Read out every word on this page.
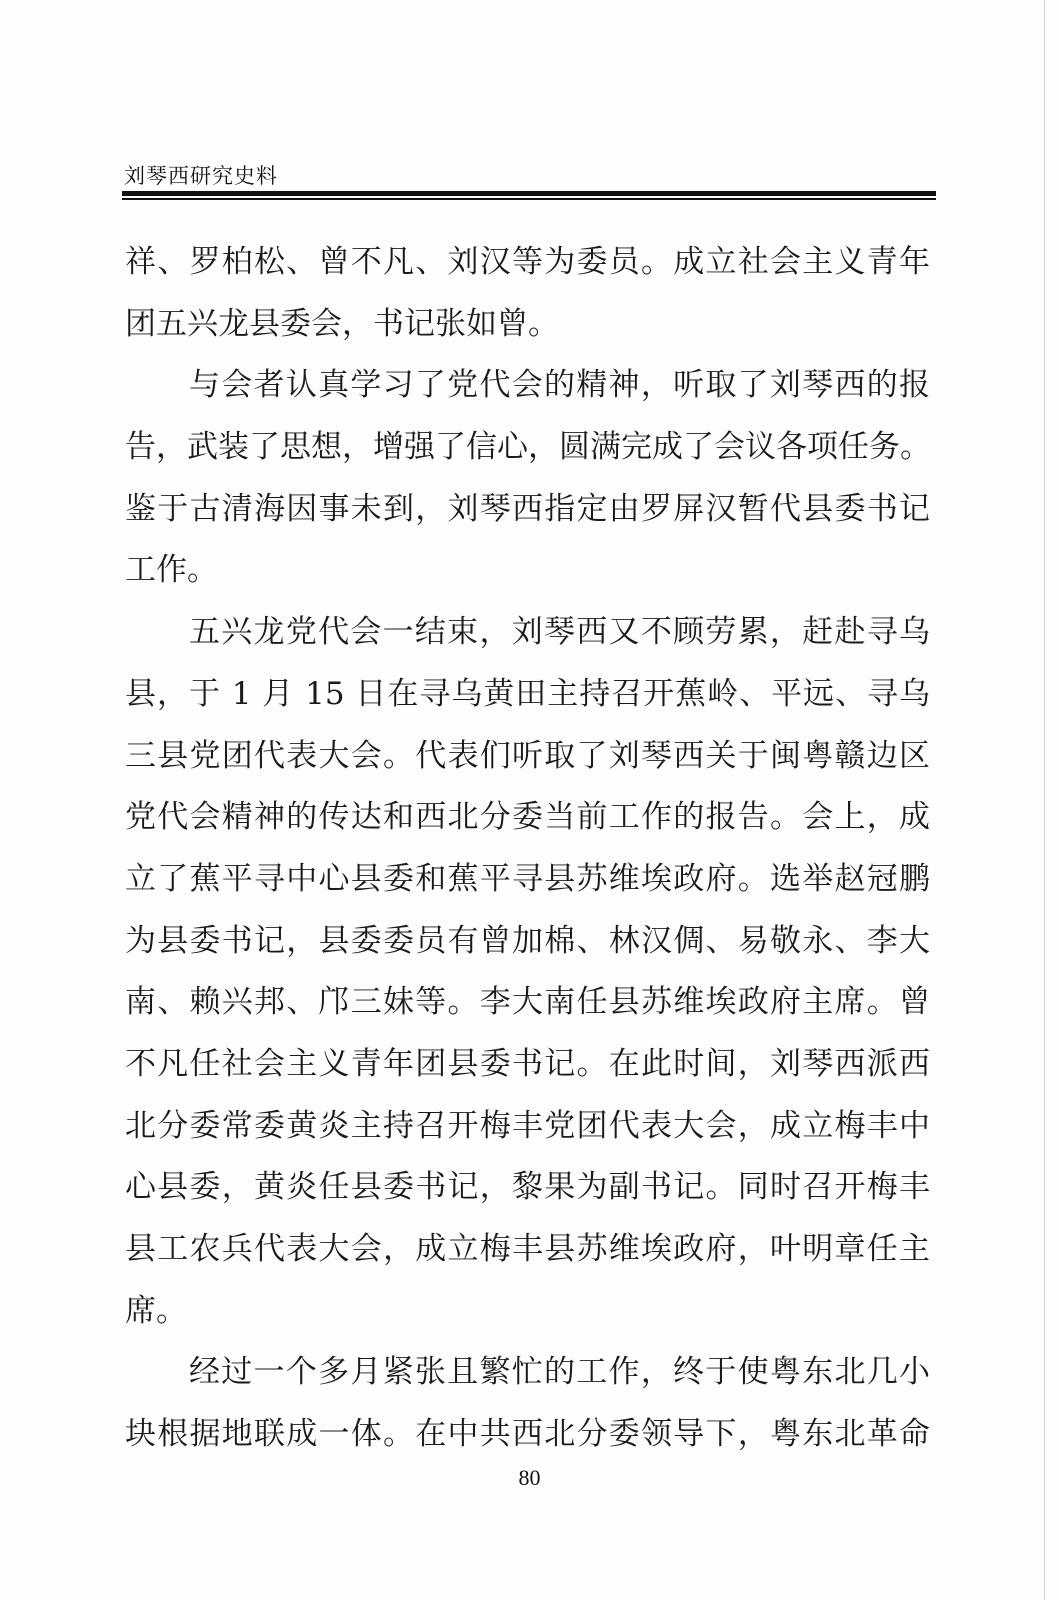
刘琴西研究史料
祥、罗柏松、曾不凡、刘汉等为委员。成立社会主义青年
团五兴龙县委会，书记张如曾。
与会者认真学习了党代会的精神，听取了刘琴西的报
告，武装了思想，增强了信心，圆满完成了会议各项任务。
鉴于古清海因事未到，刘琴西指定由罗屏汉暂代县委书记
工作。
五兴龙党代会一结束，刘琴西又不顾劳累，赶赴寻乌
县，于 1 月 15 日在寻乌黄田主持召开蕉岭、平远、寻乌
三县党团代表大会。代表们听取了刘琴西关于闽粤赣边区
党代会精神的传达和西北分委当前工作的报告。会上，成
立了蕉平寻中心县委和蕉平寻县苏维埃政府。选举赵冠鹏
为县委书记，县委委员有曾加棉、林汉倜、易敬永、李大
南、赖兴邦、邝三妹等。李大南任县苏维埃政府主席。曾
不凡任社会主义青年团县委书记。在此时间，刘琴西派西
北分委常委黄炎主持召开梅丰党团代表大会，成立梅丰中
心县委，黄炎任县委书记，黎果为副书记。同时召开梅丰
县工农兵代表大会，成立梅丰县苏维埃政府，叶明章任主
席。
经过一个多月紧张且繁忙的工作，终于使粤东北几小
块根据地联成一体。在中共西北分委领导下，粤东北革命
80
